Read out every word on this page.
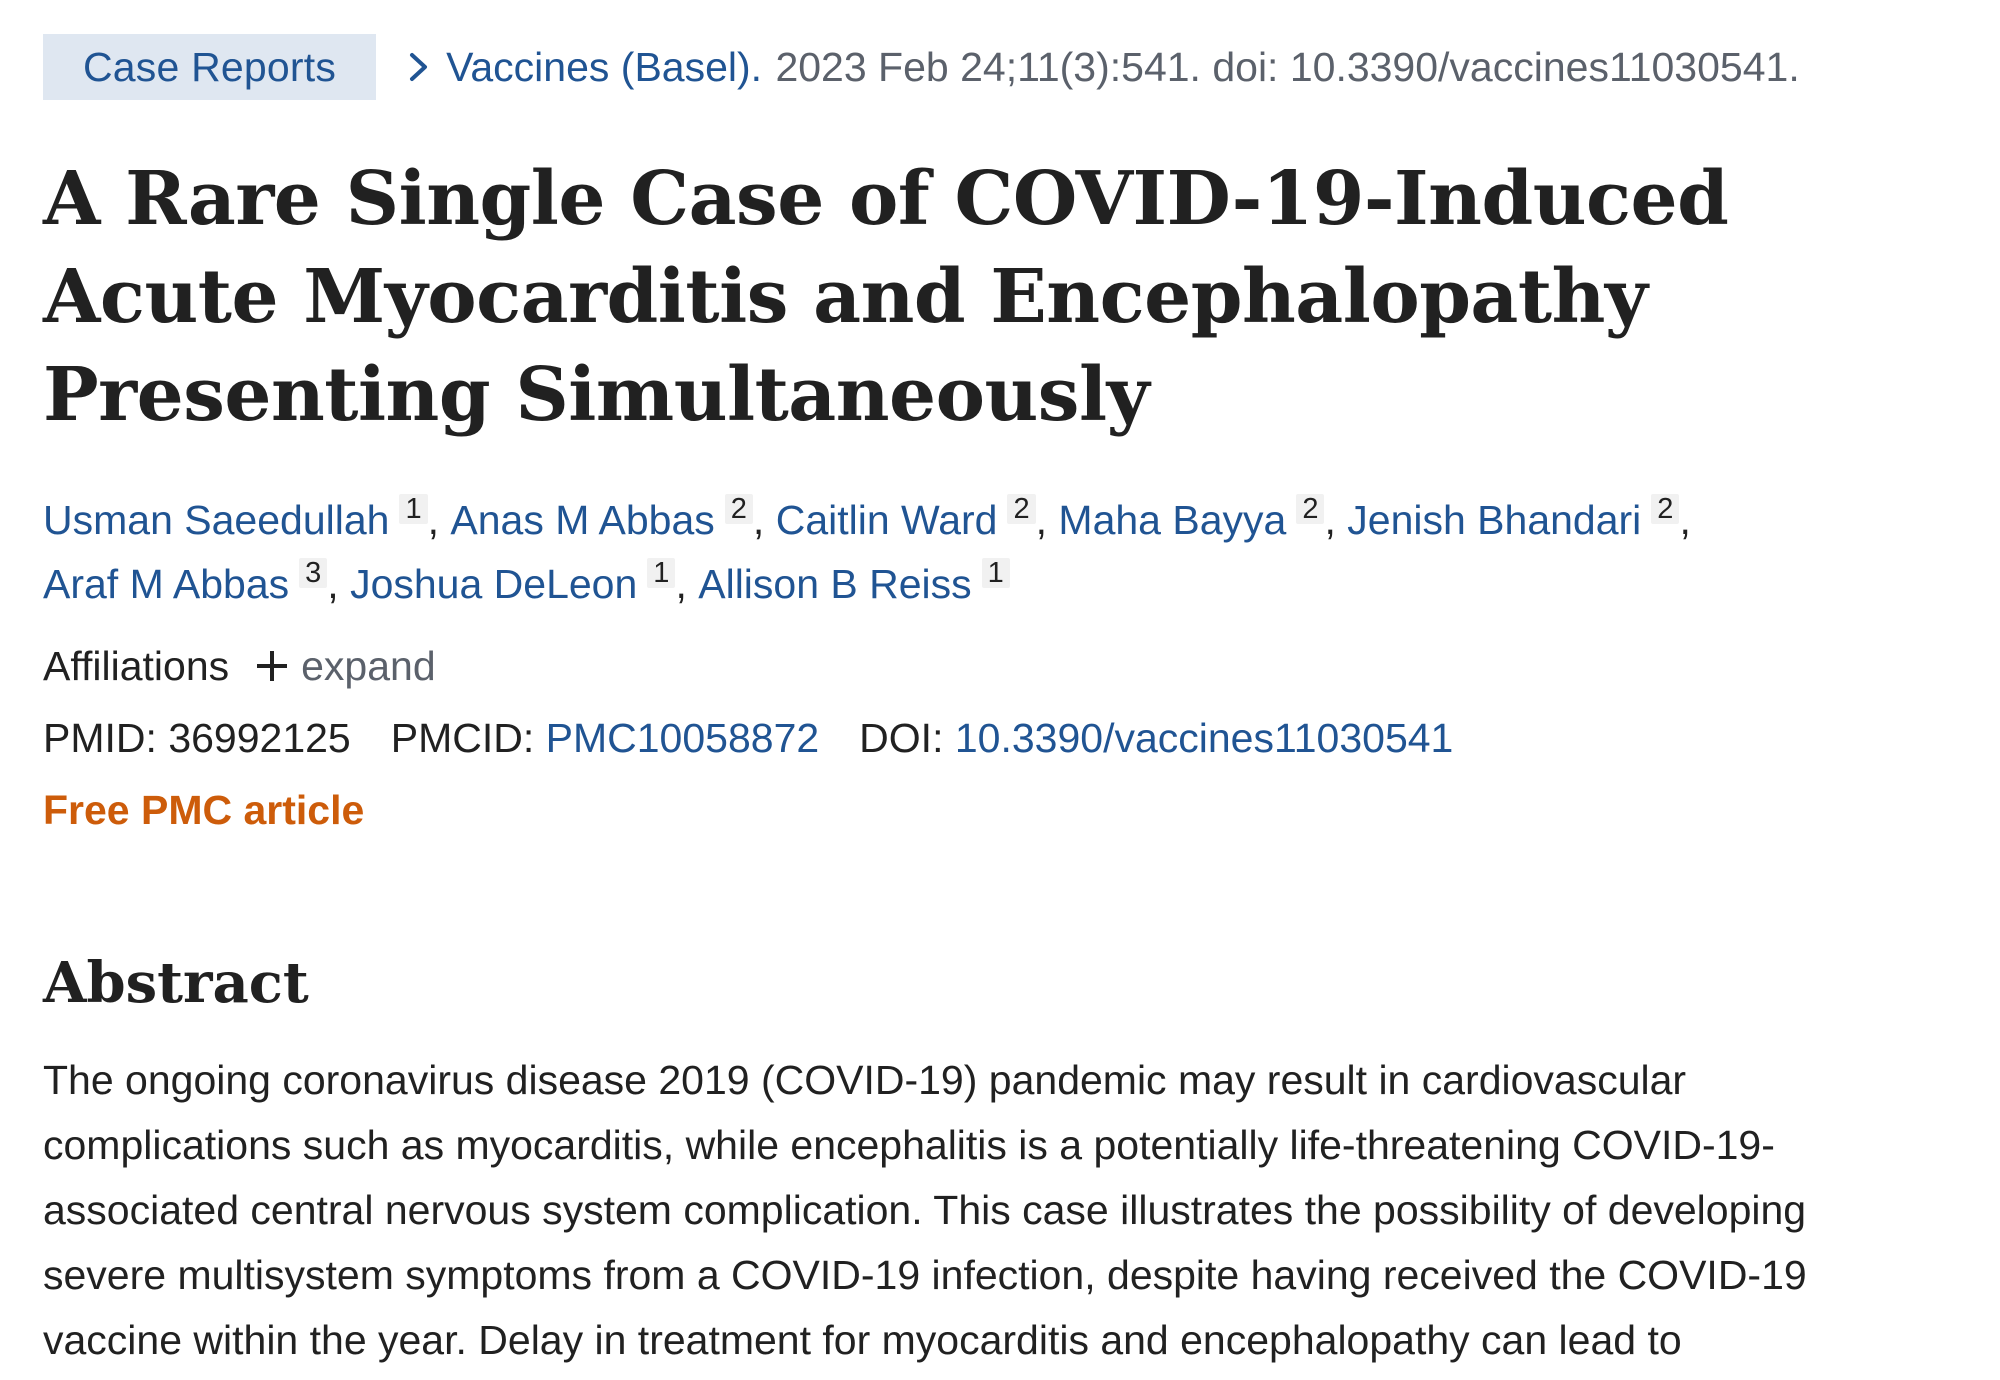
Case Reports	Vaccines (Basel). 2023 Feb 24;11(3):541. doi: 10.3390/vaccines11030541.
A Rare Single Case of COVID-19-Induced Acute Myocarditis and Encephalopathy Presenting Simultaneously
Usman Saeedullah 1 , Anas M Abbas 2 , Caitlin Ward 2 , Maha Bayya 2 , Jenish Bhandari 2 ,
Araf M Abbas 3 , Joshua DeLeon 1 , Allison B Reiss 1
Affiliations expand
PMID: 36992125 PMCID: PMC10058872 DOI: 10.3390/vaccines11030541
Free PMC article
Abstract
The ongoing coronavirus disease 2019 (COVID-19) pandemic may result in cardiovascular
complications such as myocarditis, while encephalitis is a potentially life-threatening COVID-19-
associated central nervous system complication. This case illustrates the possibility of developing
severe multisystem symptoms from a COVID-19 infection, despite having received the COVID-19
vaccine within the year. Delay in treatment for myocarditis and encephalopathy can lead to
